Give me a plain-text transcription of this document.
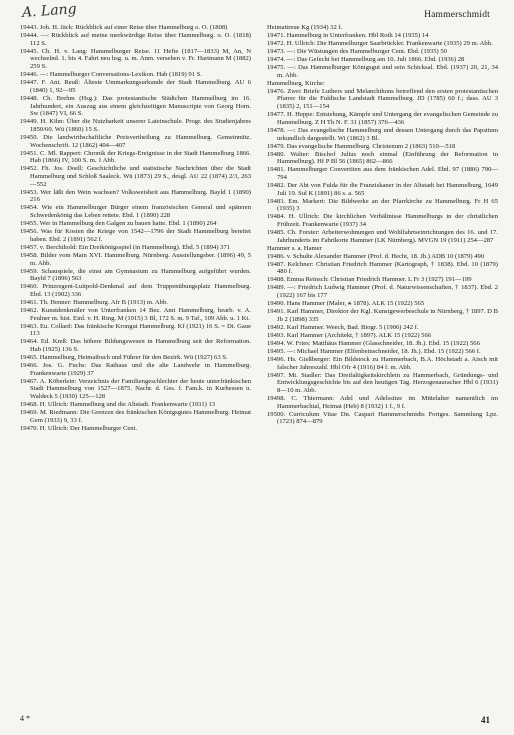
A. Lang	Hammerschmidt

19443. Joh. H. Jäck: Rückblick auf einer Reise über Hammelburg o. O. (1808)

19444. —: Rückblick auf meine merkwürdige Reise über Hammelburg. o. O. (1818) 112 S.

19445. Ch. H. v. Lang: Hammelburger Reise. 11 Hefte (1817—1833) M, An, N wechselnd. 1. bis 4. Fahrt neu hsg. u. m. Anm. versehen v. Fr. Hartmann M (1882) 259 S.

19446. —: Hammelburger Conversations-Lexikon. Hab (1819) 91 S.

19447. F. Ant. Reuß: Älteste Ummarkungsurkunde der Stadt Hammelburg. AU 6 (1840) 1, 92—95

19448. Ch. Brehm (Hsg.): Das protestantische Städtchen Hammelburg im 16. Jahrhundert, ein Auszug aus einem gleichzeitigen Manuscripte von Georg Horn. Sw (1847) VI, 66 S.

19449. H. Kihn: Über die Nutzbarkeit unserer Lateinschule. Progr. des Studienjahres 1850/60. Wü (1860) 15 S.

19450. Die landwirthschaftliche Preisvertheilung zu Hammelburg. Gemeinnütz. Wochenschrift. 12 (1862) 404—407

19451. C. Ml. Rappert: Chronik der Kriegs-Ereignisse in der Stadt Hammelburg 1866. Hab (1866) IV, 100 S. m. 1 Abb.

19452. Fh. Jos. Doell: Geschichtliche und statistische Nachrichten über die Stadt Hammelburg und Schloß Saaleck. Wü (1873) 29 S., desgl. AU 22 (1874) 2/3, 263—552

19453. Wer läßt den Wein wachsen? Volksweisheit aus Hammelburg. Bayld 1 (1890) 216

19454. Wie ein Hammelburger Bürger einem französischen General und späteren Schwedenkönig das Leben rettete. Ebd. 1 (1890) 228

19455. Wer in Hammelburg den Galgen zu bauen hatte. Ebd. 1 (1890) 264

19456. Was für Kosten die Kriege von 1542—1796 der Stadt Hammelburg bereitet haben. Ebd. 2 (1891) 562 f.

19457. v. Berchthold: Ein Dreikönigsspiel (in Hammelburg). Ebd. 5 (1894) 371

19458. Bilder vom Main XVI. Hammelburg. Nürnberg. Ausstellungsber. (1896) 49, 5 m. Abb.

19459. Schauspiele, die einst am Gymnasium zu Hammelburg aufgeführt wurden. Bayld 7 (1896) 563

19460. Prinzregent-Luitpold-Denkmal auf dem Truppenübungsplatz Hammelburg. Ebd. 13 (1902) 336

19461. Th. Henner: Hammelburg. Afr B (1913) m. Abb.

19462. Kunstdenkmäler von Unterfranken 14 Bez. Amt Hammelburg, bearb. v. A. Feulner m. hist. Einl. v. H. Ring. M (1915) 3 Bl, 172 S. m. 9 Taf., 109 Abb. u. 1 Kt.

19463. Eu. Collard: Das fränkische Krongut Hammelburg. Kf (1921) 16 S. = Dt. Gaue 113

19464. Ed. Kreß: Das höhere Bildungswesen in Hammelburg seit der Reformation. Hab (1925) 136 S.

19465. Hammelburg, Heimatbuch und Führer für den Bezirk. Wü (1927) 63 S.

19466. Jos. G. Fuchs: Das Rathaus und die alte Landwehr in Hammelburg. Frankenwarte (1929) 37

19467. A. Köberlein: Verzeichnis der Familiengeschlechter der heute unterfränkischen Stadt Hammelburg von 1527—1875. Nachr. d. Ges. f. Fam.k. in Kurhessen u. Waldeck 5 (1930) 125—128

19468. H. Ullrich: Hammelburg und die Altstadt. Frankenwarte (1931) 13

19469. M. Riedmann: Die Grenzen des fränkischen Königsgutes Hammelburg. Heimat Gem (1933) 9, 33 f.

19470. H. Ullrich: Der Hammelburger Cent.

Heimattreue Kg (1934) 32 f.

19471. Hammelburg in Unterfranken. Hbl Roth 14 (1935) 14

19472. H. Ullrich: Die Hammelburger Saarbrückler. Frankenwarte (1935) 29 m. Abb.

19473. —: Die Wüstungen des Hammelburger Cent. Ebd. (1935) 50

19474. —: Das Gefecht bei Hammelburg am 10. Juli 1866. Ebd. (1936) 28

19475. —: Das Hammelburger Königsgut und sein Schicksal. Ebd. (1937) 20, 21, 34 m. Abb.

Hammelburg, Kirche:

19476. Zwei Briefe Luthers und Melanchthons betreffend den ersten protestantischen Pfarrer für die Fuldische Landstadt Hammelburg. JD (1785) 60 f.; dass. AU 3 (1835) 2, 151—154

19477. H. Heppe: Entstehung, Kämpfe und Untergang der evangelischen Gemeinde zu Hammelburg. Z H Th N. F. 31 (1857) 376—436

19478. —: Das evangelische Hammelburg und dessen Untergang durch das Papsttum urkundlich dargestellt. Wi (1862) 3 Bl.

19479. Das evangelische Hammelburg. Christenum 2 (1863) 510—518

19480. Walter: Bischof Julius noch einmal (Einführung der Reformation in Hammelburg). Hf P Bl 56 (1865) 862—866

19481. Hammelburger Convertiten aus dem fränkischen Adel. Ebd. 97 (1886) 790—794

19482. Der Abt von Fulda für die Franziskaner in der Altstadt bei Hammelburg, 1649 Juli 19. Sul K (1891) 86 s. a. 565

19483. Em. Markert: Die Bildwerke an der Pfarrkirche zu Hammelburg. Fr H 65 (1935) 3

19484. H. Ullrich: Die kirchlichen Verhältnisse Hammelburgs in der christlichen Frühzeit. Frankenwarte (1937) 34

19485. Ch. Forster: Arbeiterwohnungen und Wohlfahrtseinrichtungen des 16. und 17. Jahrhunderts im Fabrikorte Hammer (LK Nürnberg). MVGN 19 (1911) 254—287

Hammer s. a. Hamer

19486. v. Schulte Alexander Hammer (Prof. d. Hecht, 18. Jh.) ADB 10 (1879) 490

19487. Kelchner: Christian Friedrich Hammer (Kartograph, † 1838). Ebd. 10 (1879) 480 f.

19488. Emma Reinsch: Christian Friedrich Hammer. L Fr 3 (1927) 191—199

19489. —: Friedrich Ludwig Hammer (Prof. d. Naturwissenschaften, † 1837). Ebd. 2 (1922) 167 bis 177

19490. Hans Hammer (Maler, ⚹ 1878). ALK 15 (1922) 565

19491. Karl Hammer, Direktor der Kgl. Kunstgewerbeschule in Nürnberg, † 1897. D B Jb 2 (1898) 335

19492. Karl Hammer. Weech, Bad. Biogr. 5 (1906) 242 f.

19493. Karl Hammer (Architekt, † 1897). ALK 15 (1922) 566

19494. W. Fries: Matthäus Hammer (Glasschneider, 18. Jh.). Ebd. 15 (1922) 566

19495. —: Michael Hammer (Elfenbeinschneider, 18. Jh.). Ebd. 15 (1922) 566 f.

19496. Hs. Gießberger: Ein Bildstock zu Hammerbach, B.A. Höchstadt a. Aisch mit falscher Jahreszahl. Hbl Ofr 4 (1916) 84 f. m. Abb.

19497. Mi. Stadler: Das Dreifaltigkeitskirchlein zu Hammerbach, Gründungs- und Entwicklungsgeschichte bis auf den heutigen Tag. Herzogenauracher Hbl 6 (1931) 8—10 m. Abb.

19498. C. Thiermann: Adel und Adelssitze im Mittelalter namentlich im Hammerbachtal, Heimat (Heb) 8 (1932) 1 f., 9 f.

19500. Curriculum Vitae Dn. Caspari Hammerschmidts Fortges. Sammlung Lpz. (1723) 874—879

4 *	41
